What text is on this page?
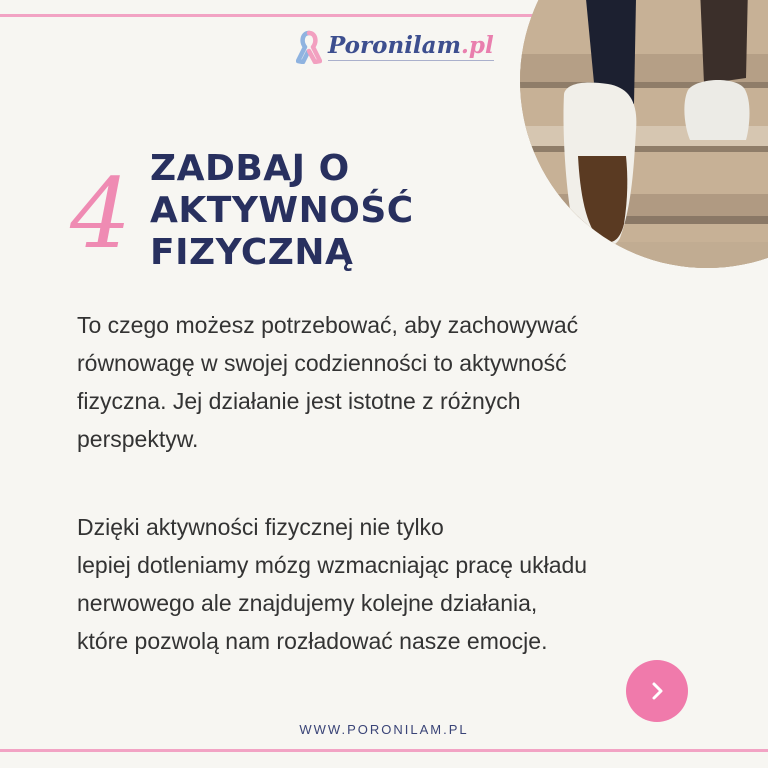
Poronilam.pl
4 ZADBAJ O
AKTYWNOŚĆ
FIZYCZNĄ

To czego możesz potrzebować, aby zachowywać
równowagę w swojej codzienności to aktywność
fizyczna. Jej działanie jest istotne z różnych
perspektyw.

Dzięki aktywności fizycznej nie tylko
lepiej dotleniamy mózg wzmacniając pracę układu
nerwowego ale znajdujemy kolejne działania,
które pozwolą nam rozładować nasze emocje.

WWW.PORONILAM.PL
